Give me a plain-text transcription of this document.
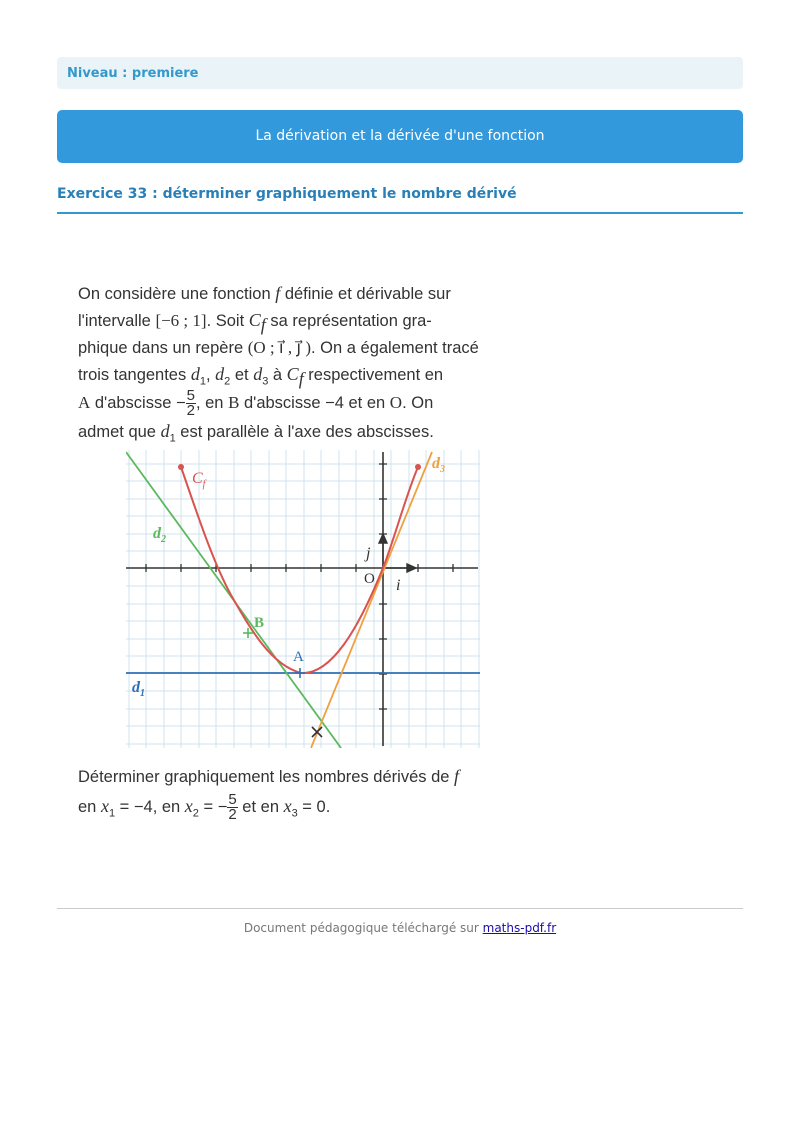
Niveau : premiere
La dérivation et la dérivée d'une fonction
Exercice 33 : déterminer graphiquement le nombre dérivé
On considère une fonction f définie et dérivable sur
l'intervalle [−6 ; 1]. Soit $C_f$ sa représentation gra-
phique dans un repère (O ; i⃗ , j⃗ ). On a également tracé
trois tangentes $d_1$, $d_2$ et $d_3$ à $C_f$ respectivement en
A d'abscisse − $\frac{5}{2}$ , en B d'abscisse −4 et en O. On
admet que $d_1$ est parallèle à l'axe des abscisses.
$C_f$
$d_2$
$d_3$
$d_1$
i
j
A
B
O
Déterminer graphiquement les nombres dérivés de f
en $x_1 = -4$, en $x_2$ = − $\frac{5}{2}$ et en $x_3 = 0$.
Document pédagogique téléchargé sur maths-pdf.fr
